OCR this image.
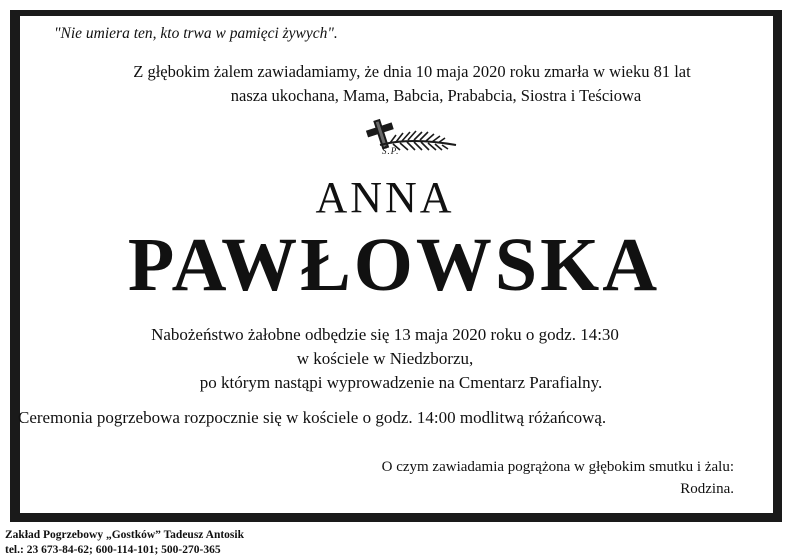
"Nie umiera ten, kto trwa w pamięci żywych".
Z głębokim żalem zawiadamiamy, że dnia 10 maja 2020 roku zmarła w wieku 81 lat
nasza ukochana, Mama, Babcia, Prababcia, Siostra i Teściowa
Ś.P.
ANNA
PAWŁOWSKA
Nabożeństwo żałobne odbędzie się 13 maja 2020 roku o godz. 14:30
w kościele w Niedzborzu,
po którym nastąpi wyprowadzenie na Cmentarz Parafialny.
Ceremonia pogrzebowa rozpocznie się w kościele o godz. 14:00 modlitwą różańcową.
O czym zawiadamia pogrążona w głębokim smutku i żalu:
Rodzina.
Zakład Pogrzebowy „Gostków” Tadeusz Antosik
tel.: 23 673-84-62; 600-114-101; 500-270-365
